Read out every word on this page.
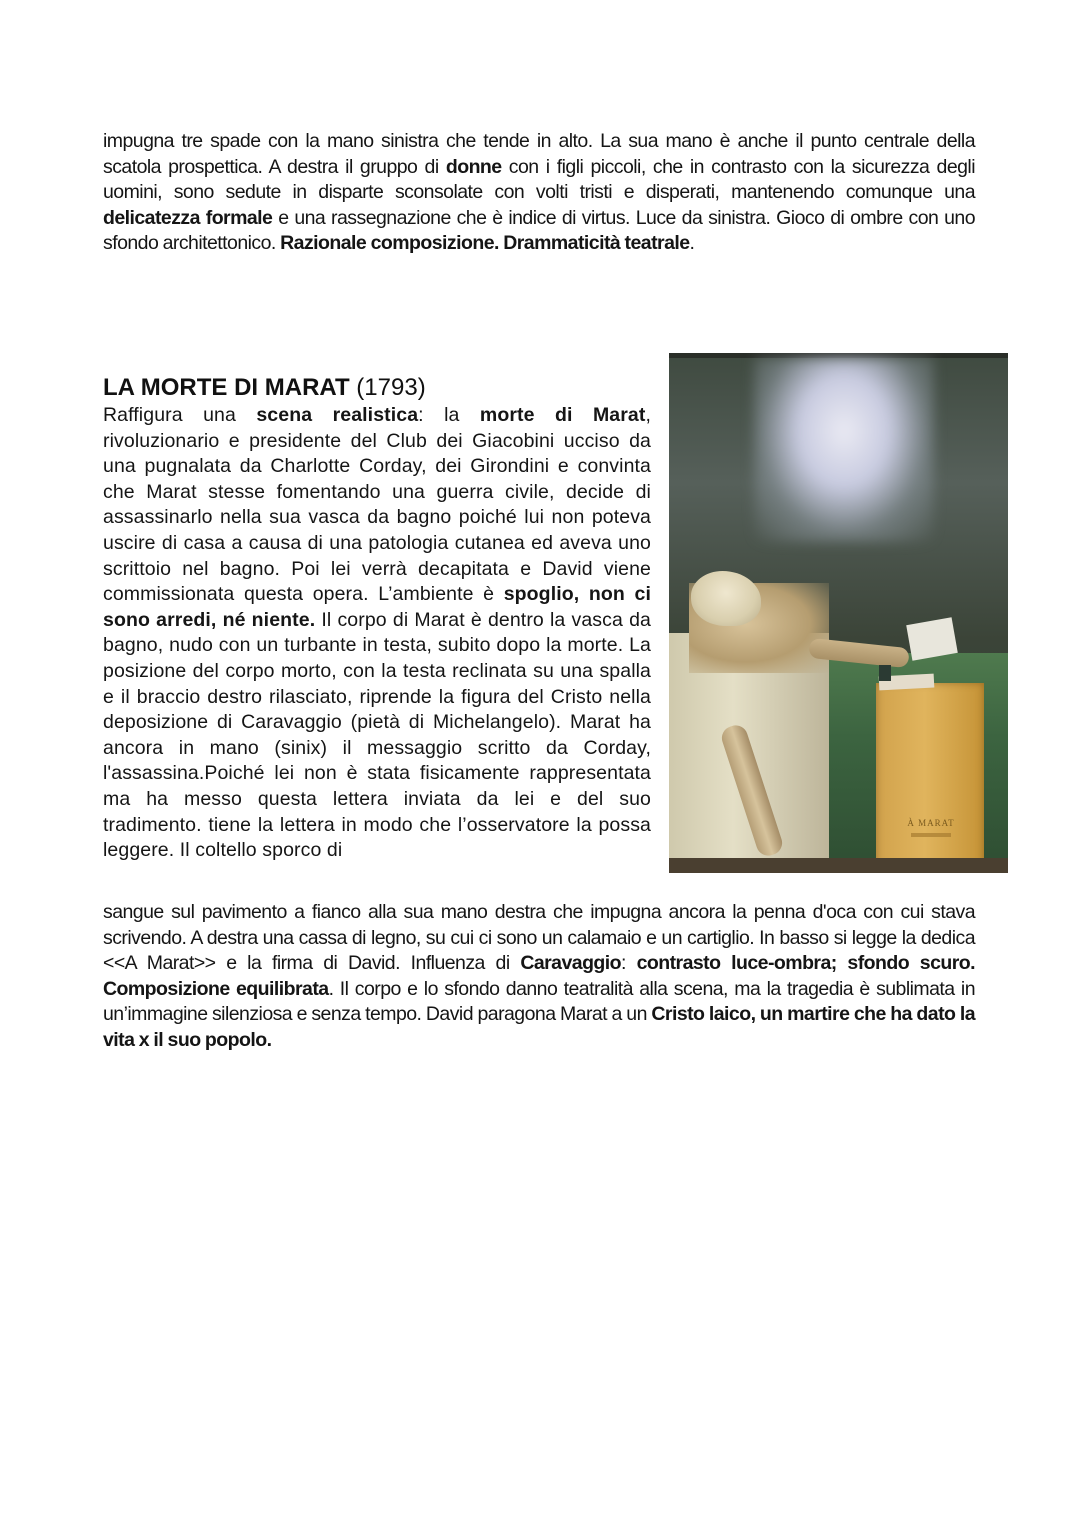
impugna tre spade con la mano sinistra che tende in alto. La sua mano è anche il punto centrale della scatola prospettica. A destra il gruppo di donne con i figli piccoli, che in contrasto con la sicurezza degli uomini, sono sedute in disparte sconsolate con volti tristi e disperati, mantenendo comunque una delicatezza formale e una rassegnazione che è indice di virtus. Luce da sinistra. Gioco di ombre con uno sfondo architettonico. Razionale composizione. Drammaticità teatrale.

LA MORTE DI MARAT (1793)

Raffigura una scena realistica: la morte di Marat, rivoluzionario e presidente del Club dei Giacobini ucciso da una pugnalata da Charlotte Corday, dei Girondini e convinta che Marat stesse fomentando una guerra civile, decide di assassinarlo nella sua vasca da bagno poiché lui non poteva uscire di casa a causa di una patologia cutanea ed aveva uno scrittoio nel bagno. Poi lei verrà decapitata e David viene commissionata questa opera. L’ambiente è spoglio, non ci sono arredi, né niente. Il corpo di Marat è dentro la vasca da bagno, nudo con un turbante in testa, subito dopo la morte. La posizione del corpo morto, con la testa reclinata su una spalla e il braccio destro rilasciato, riprende la figura del Cristo nella deposizione di Caravaggio (pietà di Michelangelo). Marat ha ancora in mano (sinix) il messaggio scritto da Corday, l'assassina.Poiché lei non è stata fisicamente rappresentata ma ha messo questa lettera inviata da lei e del suo tradimento. tiene la lettera in modo che l’osservatore la possa leggere. Il coltello sporco di

À MARAT

sangue sul pavimento a fianco alla sua mano destra che impugna ancora la penna d'oca con cui stava scrivendo. A destra una cassa di legno, su cui ci sono un calamaio e un cartiglio. In basso si legge la dedica <<A Marat>> e la firma di David. Influenza di Caravaggio: contrasto luce-ombra; sfondo scuro. Composizione equilibrata. Il corpo e lo sfondo danno teatralità alla scena, ma la tragedia è sublimata in un’immagine silenziosa e senza tempo. David paragona Marat a un Cristo laico, un martire che ha dato la vita x il suo popolo.
